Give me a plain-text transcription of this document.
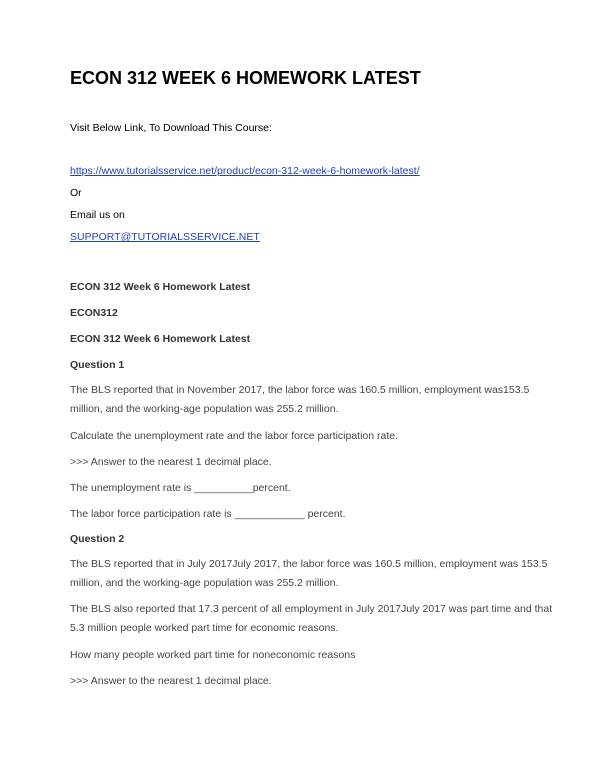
ECON 312 WEEK 6 HOMEWORK LATEST

Visit Below Link, To Download This Course:

https://www.tutorialsservice.net/product/econ-312-week-6-homework-latest/

Or

Email us on

SUPPORT@TUTORIALSSERVICE.NET

ECON 312 Week 6 Homework Latest

ECON312

ECON 312 Week 6 Homework Latest

Question 1

The BLS reported that in November 2017, the labor force was 160.5 million, employment was153.5

million, and the working-age population was 255.2 million.

Calculate the unemployment rate and the labor force participation rate.

>>> Answer to the nearest 1 decimal place.

The unemployment rate is __________percent.

The labor force participation rate is ____________ percent.

Question 2

The BLS reported that in July 2017July 2017, the labor force was 160.5 million, employment was 153.5

million, and the working-age population was 255.2 million.

The BLS also reported that 17.3 percent of all employment in July 2017July 2017 was part time and that

5.3 million people worked part time for economic reasons.

How many people worked part time for noneconomic reasons

>>> Answer to the nearest 1 decimal place.
